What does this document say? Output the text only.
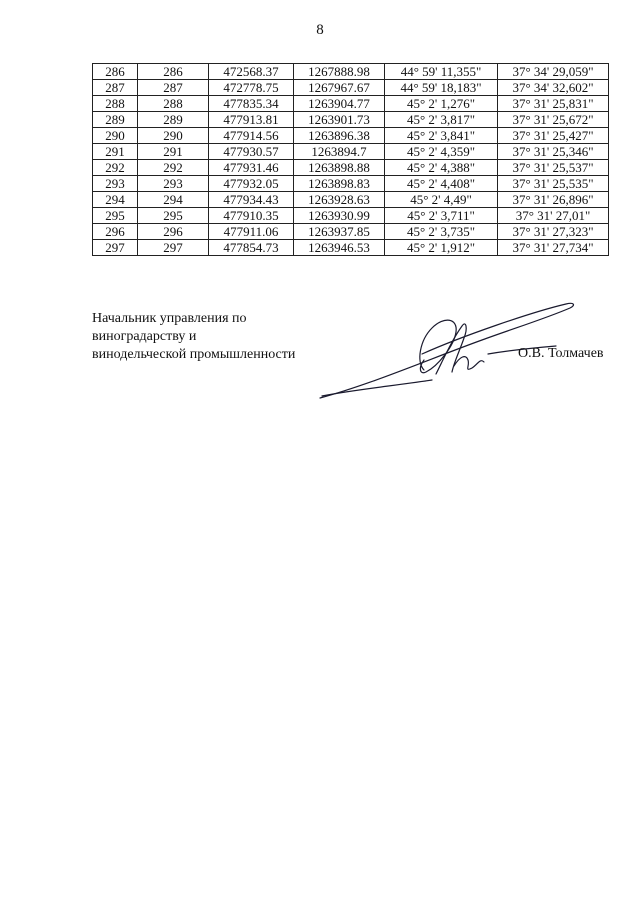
8
286	286	472568.37	1267888.98	44° 59' 11,355"	37° 34' 29,059"
287	287	472778.75	1267967.67	44° 59' 18,183"	37° 34' 32,602"
288	288	477835.34	1263904.77	45° 2' 1,276"	37° 31' 25,831"
289	289	477913.81	1263901.73	45° 2' 3,817"	37° 31' 25,672"
290	290	477914.56	1263896.38	45° 2' 3,841"	37° 31' 25,427"
291	291	477930.57	1263894.7	45° 2' 4,359"	37° 31' 25,346"
292	292	477931.46	1263898.88	45° 2' 4,388"	37° 31' 25,537"
293	293	477932.05	1263898.83	45° 2' 4,408"	37° 31' 25,535"
294	294	477934.43	1263928.63	45° 2' 4,49"	37° 31' 26,896"
295	295	477910.35	1263930.99	45° 2' 3,711"	37° 31' 27,01"
296	296	477911.06	1263937.85	45° 2' 3,735"	37° 31' 27,323"
297	297	477854.73	1263946.53	45° 2' 1,912"	37° 31' 27,734"
Начальник управления по
виноградарству и
винодельческой промышленности	О.В. Толмачев
